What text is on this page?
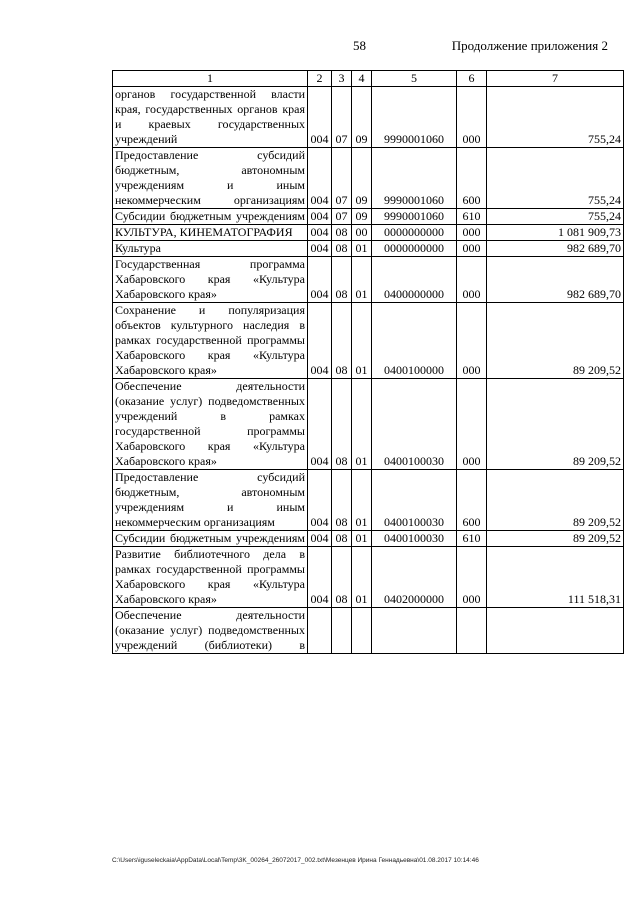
58	Продолжение приложения 2
1	2	3	4	5	6	7
органов государственной власти края, государственных органов края и краевых государственных учреждений	004	07	09	9990001060	000	755,24
Предоставление субсидий бюджетным, автономным учреждениям и иным некоммерческим организациям	004	07	09	9990001060	600	755,24
Субсидии бюджетным учреждениям	004	07	09	9990001060	610	755,24
КУЛЬТУРА, КИНЕМАТОГРАФИЯ	004	08	00	0000000000	000	1 081 909,73
Культура	004	08	01	0000000000	000	982 689,70
Государственная программа Хабаровского края «Культура Хабаровского края»	004	08	01	0400000000	000	982 689,70
Сохранение и популяризация объектов культурного наследия в рамках государственной программы Хабаровского края «Культура Хабаровского края»	004	08	01	0400100000	000	89 209,52
Обеспечение деятельности (оказание услуг) подведомственных учреждений в рамках государственной программы Хабаровского края «Культура Хабаровского края»	004	08	01	0400100030	000	89 209,52
Предоставление субсидий бюджетным, автономным учреждениям и иным некоммерческим организациям	004	08	01	0400100030	600	89 209,52
Субсидии бюджетным учреждениям	004	08	01	0400100030	610	89 209,52
Развитие библиотечного дела в рамках государственной программы Хабаровского края «Культура Хабаровского края»	004	08	01	0402000000	000	111 518,31
Обеспечение деятельности (оказание услуг) подведомственных учреждений (библиотеки) в						
C:\Users\iguseleckaia\AppData\Local\Temp\3K_00264_26072017_002.txt\Мезенцев Ирина Геннадьевна\01.08.2017 10:14:46
